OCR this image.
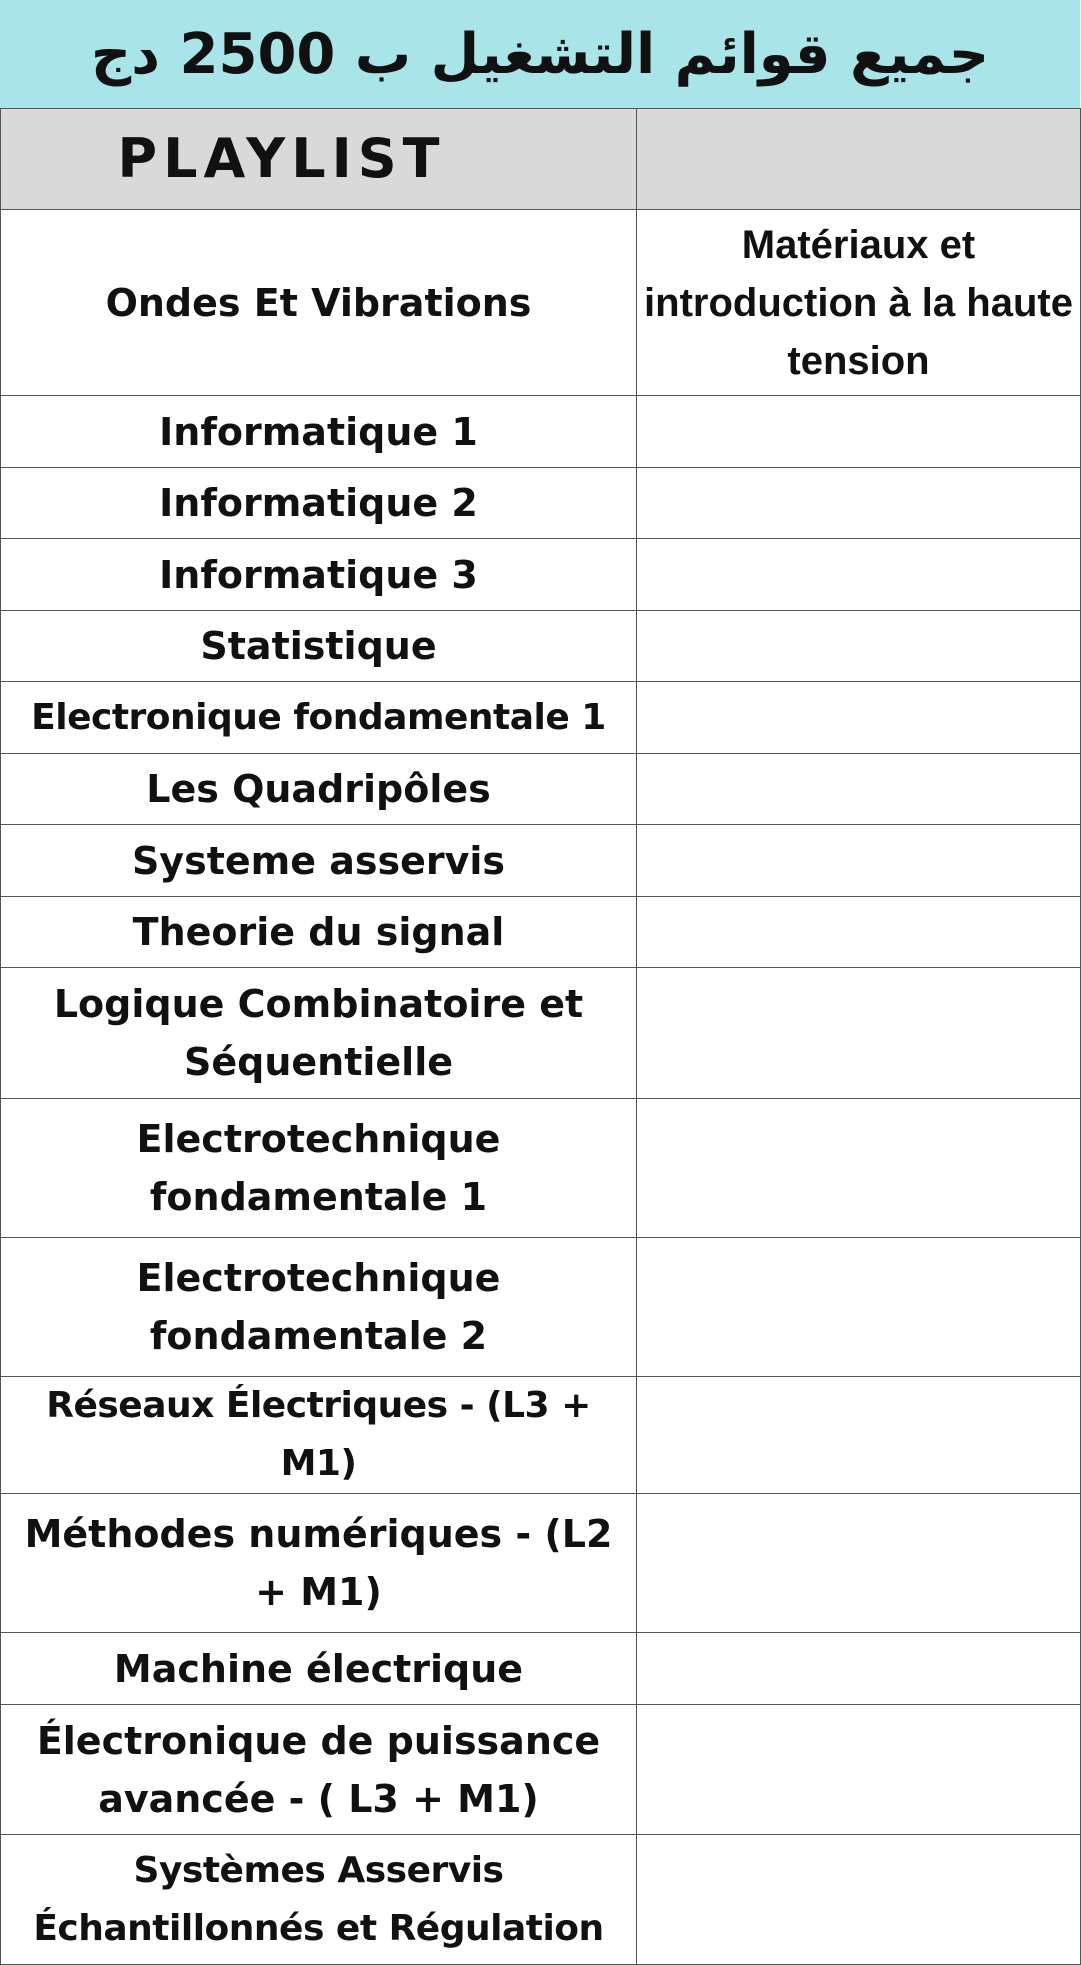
جميع قوائم التشغيل ب 2500 دج
PLAYLIST	
Ondes Et Vibrations	Matériaux et introduction à la haute tension
Informatique 1	
Informatique 2	
Informatique 3	
Statistique	
Electronique fondamentale 1	
Les Quadripôles	
Systeme asservis	
Theorie du signal	
Logique Combinatoire et Séquentielle	
Electrotechnique fondamentale 1	
Electrotechnique fondamentale 2	
Réseaux Électriques - (L3 + M1)	
Méthodes numériques - (L2 + M1)	
Machine électrique	
Électronique de puissance avancée - ( L3 + M1)	
Systèmes Asservis Échantillonnés et Régulation	
